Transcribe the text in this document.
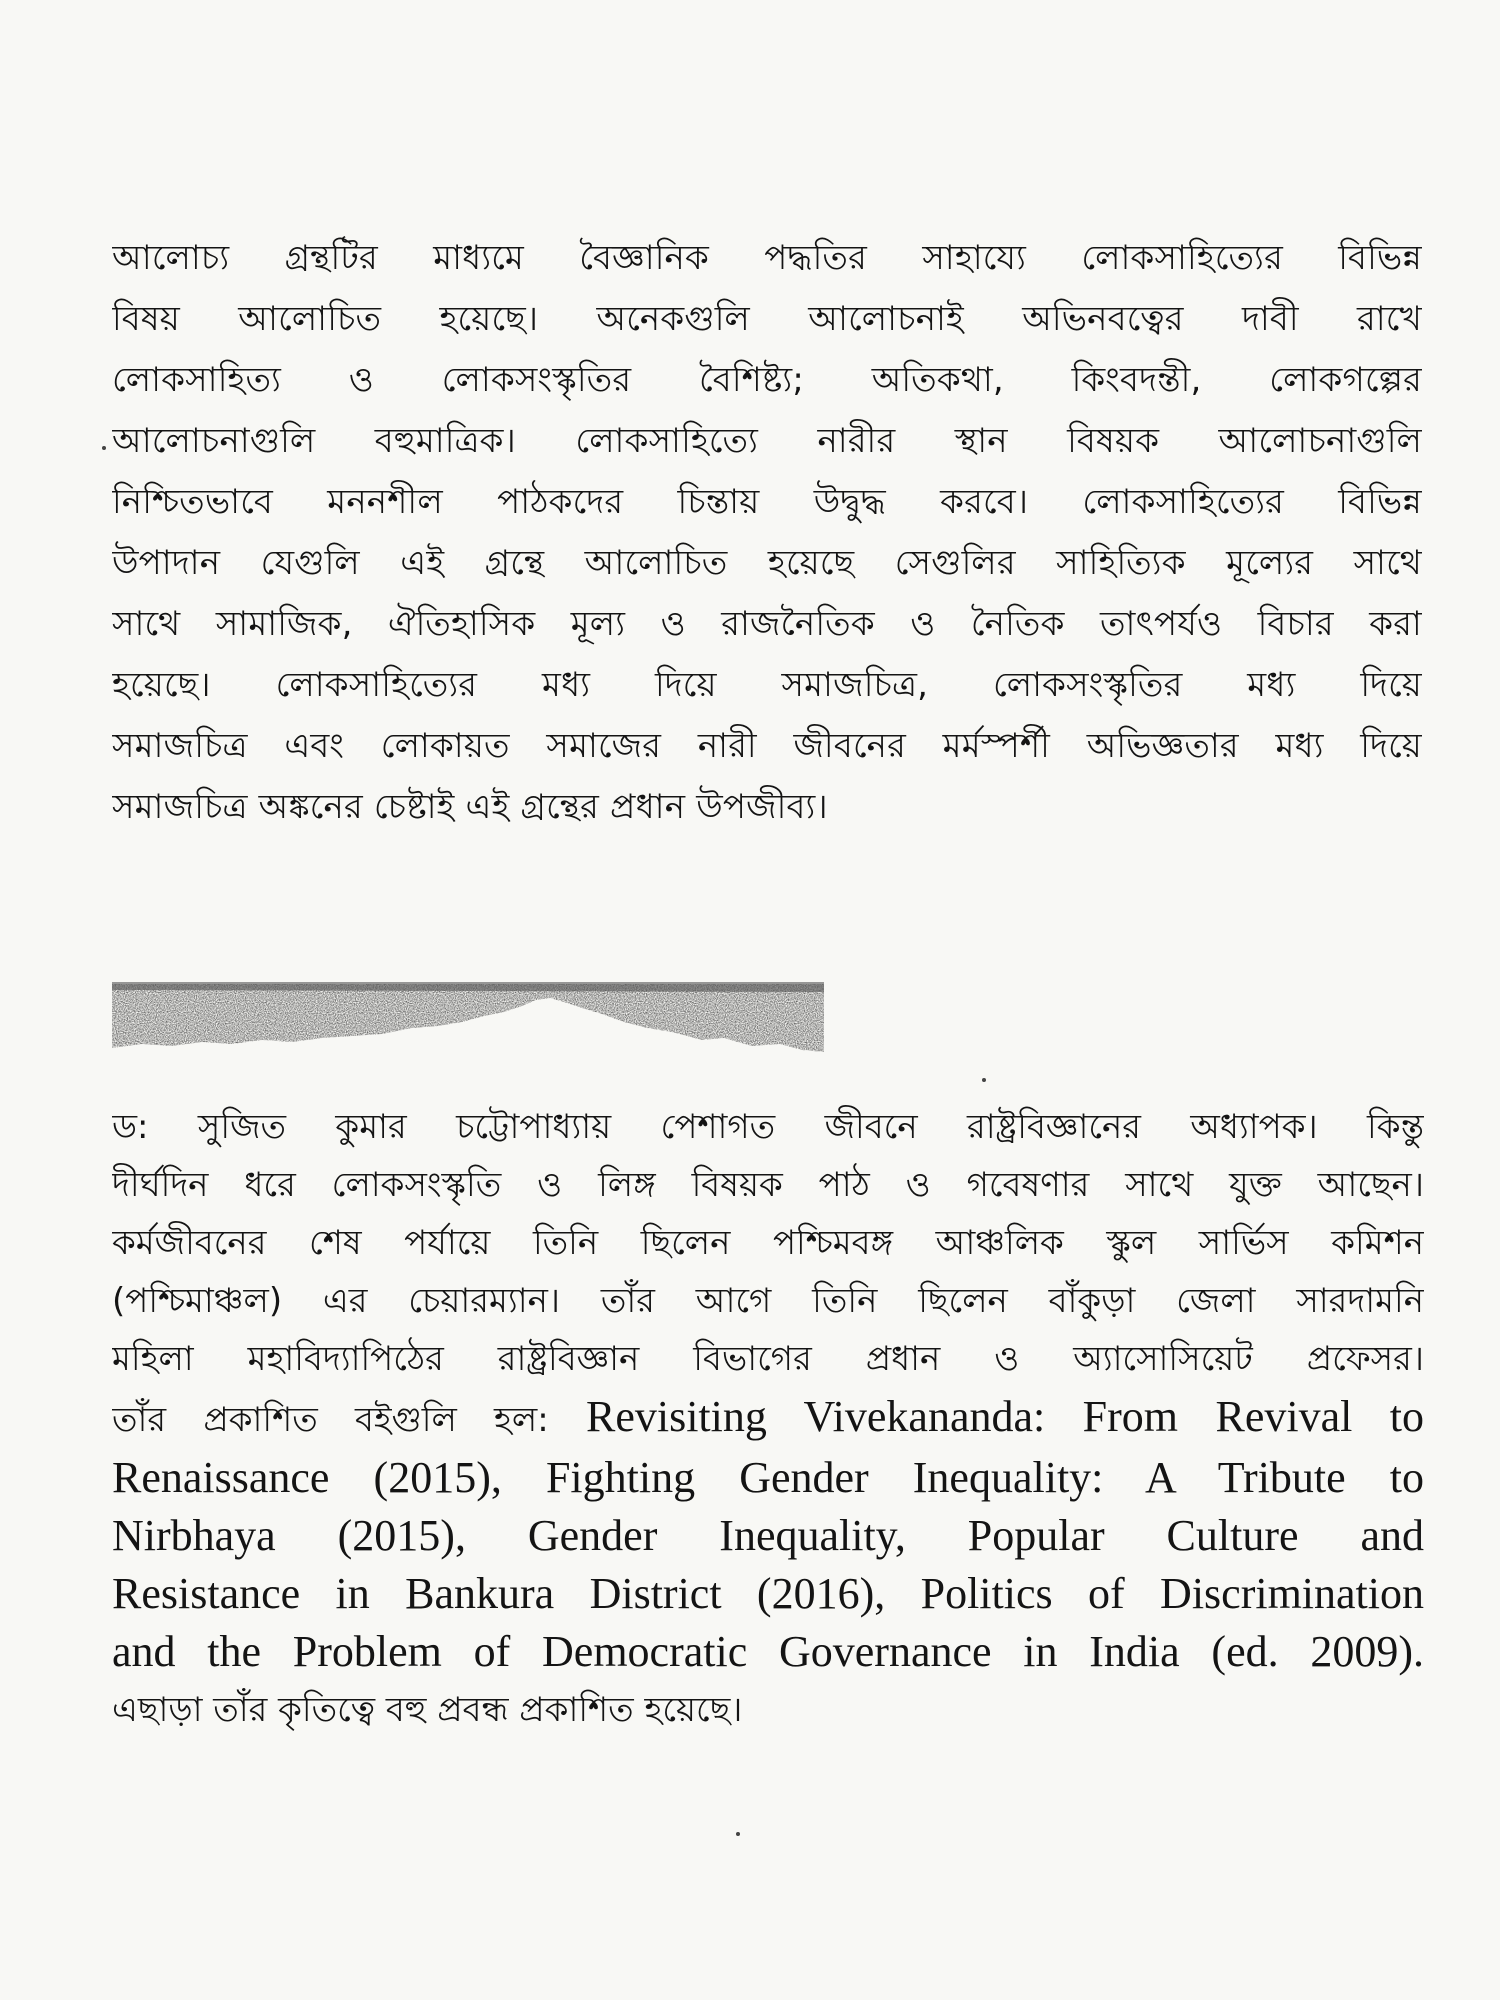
আলোচ্য গ্রন্থটির মাধ্যমে বৈজ্ঞানিক পদ্ধতির সাহায্যে লোকসাহিত্যের বিভিন্ন
বিষয় আলোচিত হয়েছে। অনেকগুলি আলোচনাই অভিনবত্বের দাবী রাখে
লোকসাহিত্য ও লোকসংস্কৃতির বৈশিষ্ট্য; অতিকথা, কিংবদন্তী, লোকগল্পের
আলোচনাগুলি বহুমাত্রিক। লোকসাহিত্যে নারীর স্থান বিষয়ক আলোচনাগুলি
নিশ্চিতভাবে মননশীল পাঠকদের চিন্তায় উদ্বুদ্ধ করবে। লোকসাহিত্যের বিভিন্ন
উপাদান যেগুলি এই গ্রন্থে আলোচিত হয়েছে সেগুলির সাহিত্যিক মূল্যের সাথে
সাথে সামাজিক, ঐতিহাসিক মূল্য ও রাজনৈতিক ও নৈতিক তাৎপর্যও বিচার করা
হয়েছে। লোকসাহিত্যের মধ্য দিয়ে সমাজচিত্র, লোকসংস্কৃতির মধ্য দিয়ে
সমাজচিত্র এবং লোকায়ত সমাজের নারী জীবনের মর্মস্পর্শী অভিজ্ঞতার মধ্য দিয়ে
সমাজচিত্র অঙ্কনের চেষ্টাই এই গ্রন্থের প্রধান উপজীব্য।
ড: সুজিত কুমার চট্টোপাধ্যায় পেশাগত জীবনে রাষ্ট্রবিজ্ঞানের অধ্যাপক। কিন্তু
দীর্ঘদিন ধরে লোকসংস্কৃতি ও লিঙ্গ বিষয়ক পাঠ ও গবেষণার সাথে যুক্ত আছেন।
কর্মজীবনের শেষ পর্যায়ে তিনি ছিলেন পশ্চিমবঙ্গ আঞ্চলিক স্কুল সার্ভিস কমিশন
(পশ্চিমাঞ্চল) এর চেয়ারম্যান। তাঁর আগে তিনি ছিলেন বাঁকুড়া জেলা সারদামনি
মহিলা মহাবিদ্যাপিঠের রাষ্ট্রবিজ্ঞান বিভাগের প্রধান ও অ্যাসোসিয়েট প্রফেসর।
তাঁর প্রকাশিত বইগুলি হল: Revisiting Vivekananda: From Revival to
Renaissance (2015), Fighting Gender Inequality: A Tribute to
Nirbhaya (2015), Gender Inequality, Popular Culture and
Resistance in Bankura District (2016), Politics of Discrimination
and the Problem of Democratic Governance in India (ed. 2009).
এছাড়া তাঁর কৃতিত্বে বহু প্রবন্ধ প্রকাশিত হয়েছে।
